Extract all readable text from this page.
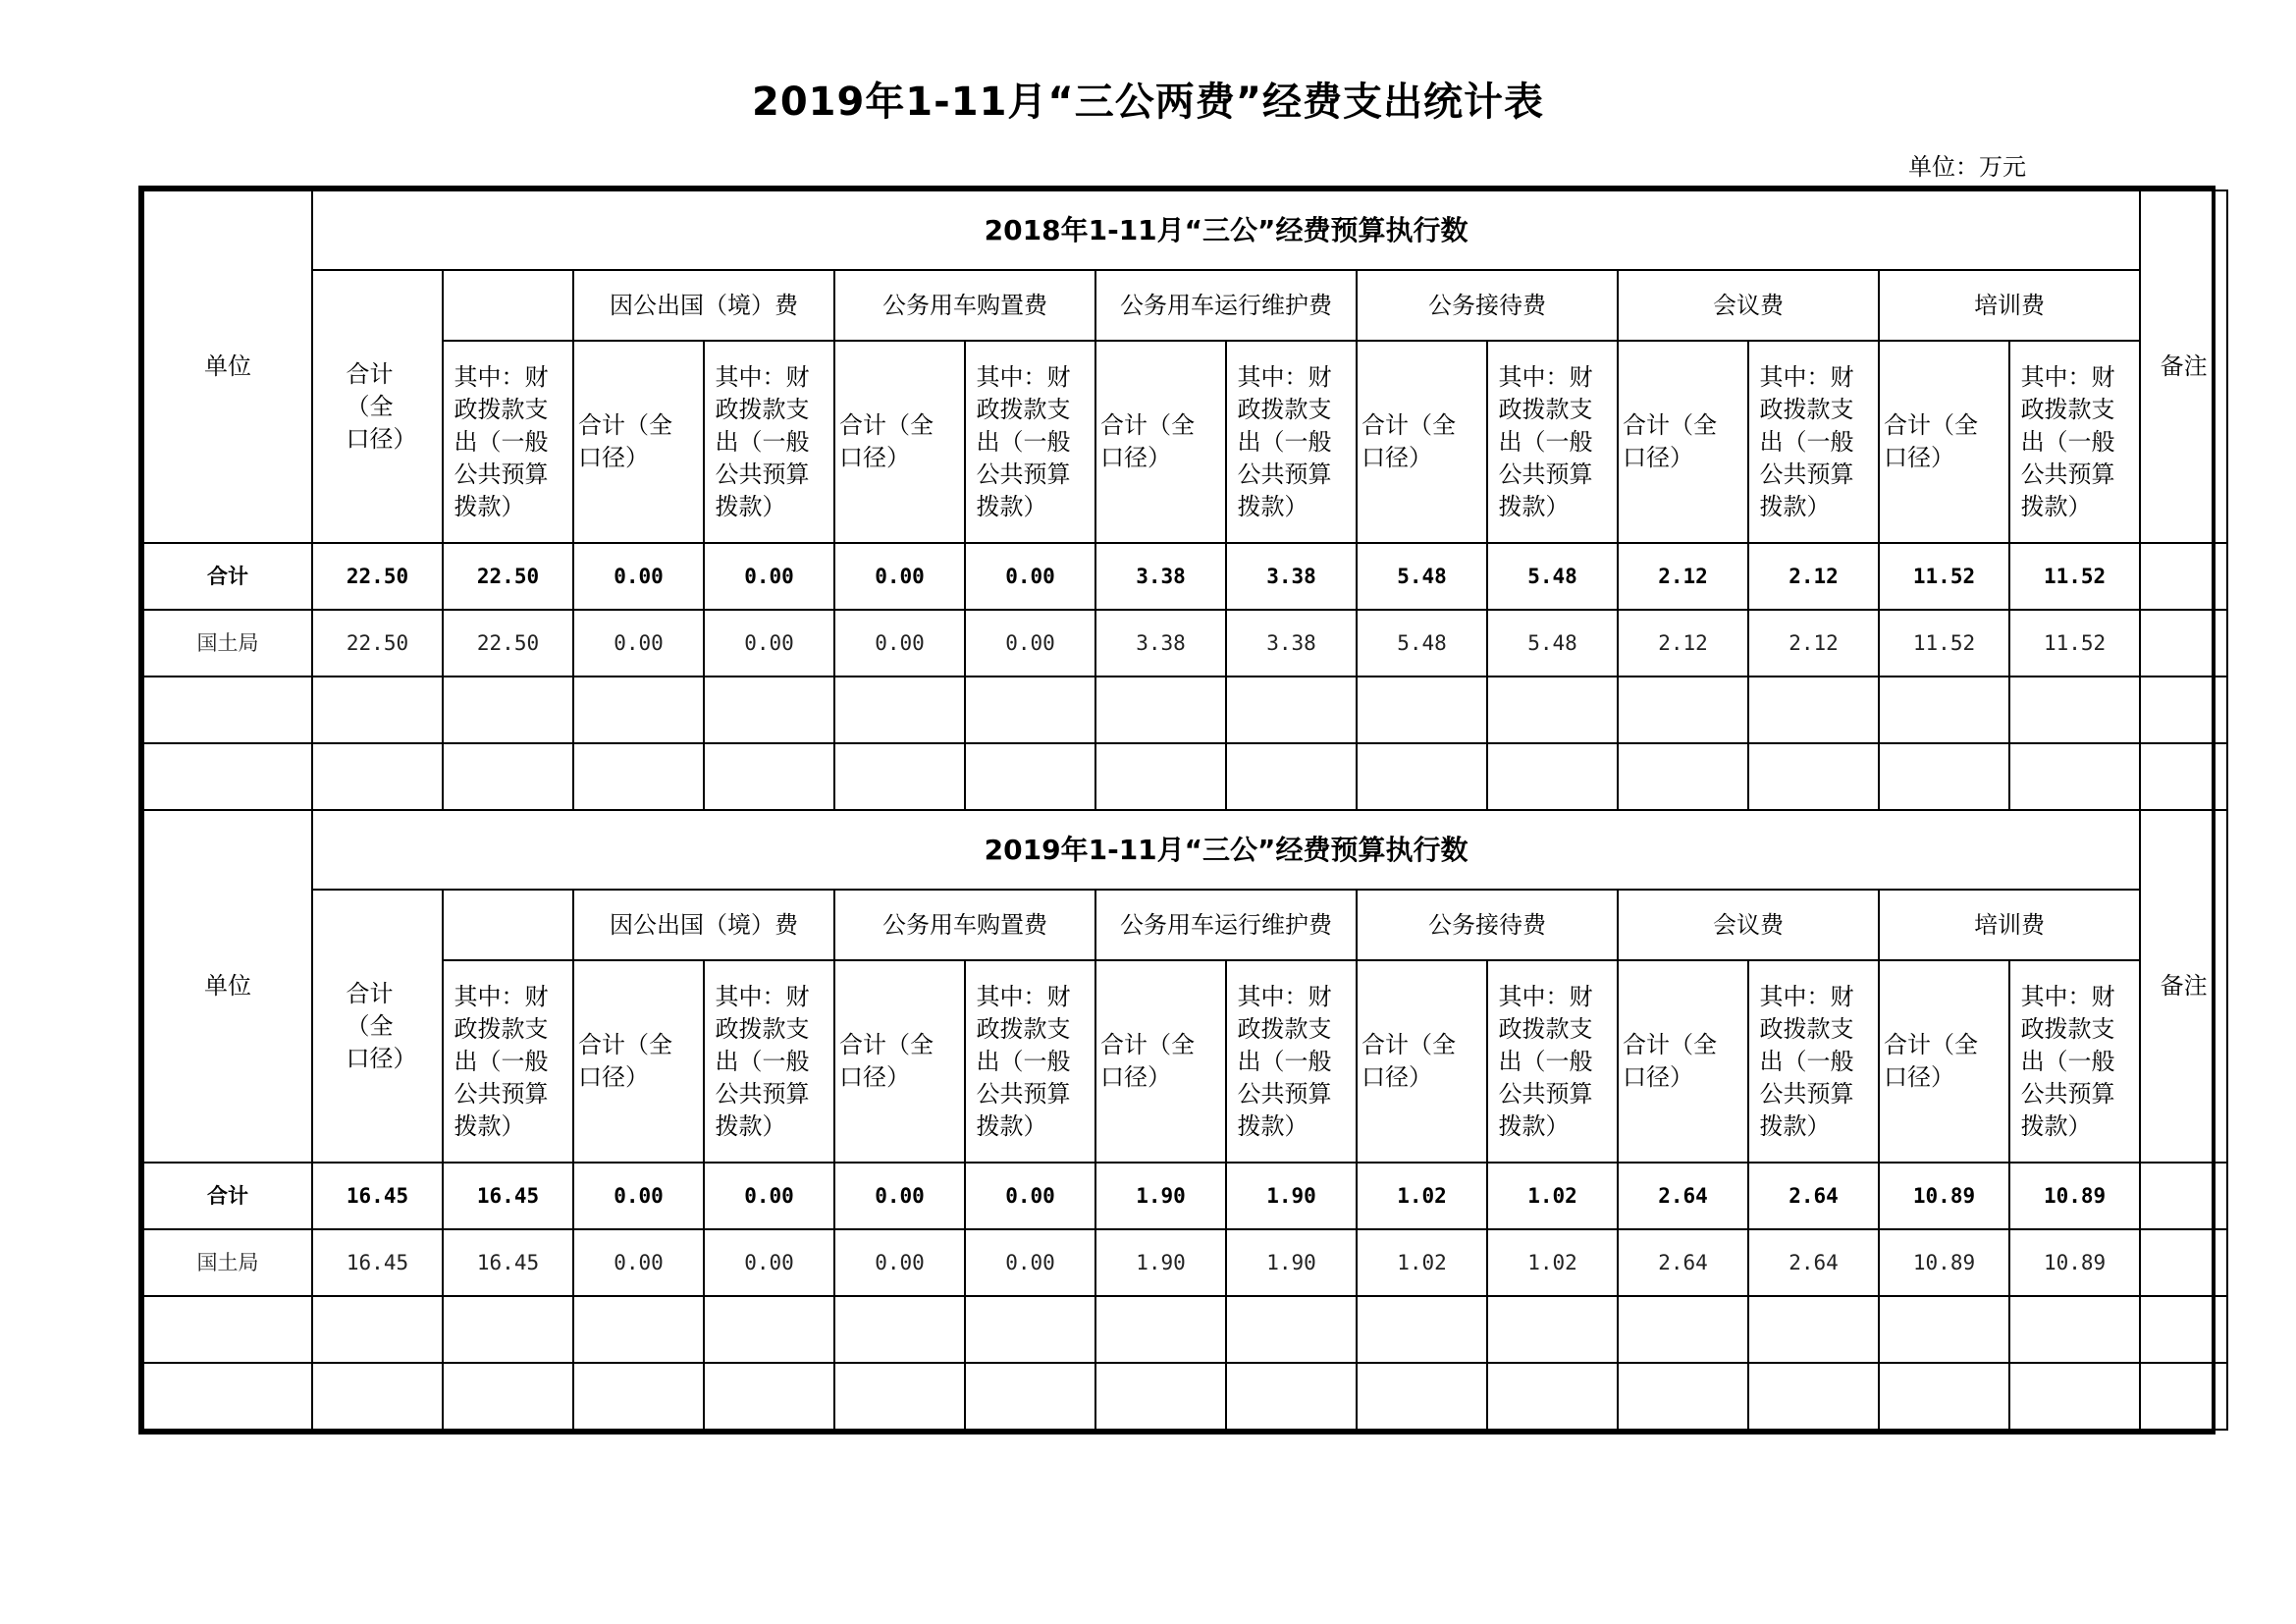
2019年1-11月“三公两费”经费支出统计表
单位：万元
单位	2018年1-11月“三公”经费预算执行数														备注
	合计（全口径）		因公出国（境）费		公务用车购置费		公务用车运行维护费		公务接待费		会议费		培训费		
		其中：财政拨款支出（一般公共预算拨款）	合计（全口径）	其中：财政拨款支出（一般公共预算拨款）	合计（全口径）	其中：财政拨款支出（一般公共预算拨款）	合计（全口径）	其中：财政拨款支出（一般公共预算拨款）	合计（全口径）	其中：财政拨款支出（一般公共预算拨款）	合计（全口径）	其中：财政拨款支出（一般公共预算拨款）	合计（全口径）	其中：财政拨款支出（一般公共预算拨款）	
合计	22.50	22.50	0.00	0.00	0.00	0.00	3.38	3.38	5.48	5.48	2.12	2.12	11.52	11.52	
国土局	22.50	22.50	0.00	0.00	0.00	0.00	3.38	3.38	5.48	5.48	2.12	2.12	11.52	11.52	

单位	2019年1-11月“三公”经费预算执行数														备注
	合计（全口径）		因公出国（境）费		公务用车购置费		公务用车运行维护费		公务接待费		会议费		培训费		
		其中：财政拨款支出（一般公共预算拨款）	合计（全口径）	其中：财政拨款支出（一般公共预算拨款）	合计（全口径）	其中：财政拨款支出（一般公共预算拨款）	合计（全口径）	其中：财政拨款支出（一般公共预算拨款）	合计（全口径）	其中：财政拨款支出（一般公共预算拨款）	合计（全口径）	其中：财政拨款支出（一般公共预算拨款）	合计（全口径）	其中：财政拨款支出（一般公共预算拨款）	
合计	16.45	16.45	0.00	0.00	0.00	0.00	1.90	1.90	1.02	1.02	2.64	2.64	10.89	10.89	
国土局	16.45	16.45	0.00	0.00	0.00	0.00	1.90	1.90	1.02	1.02	2.64	2.64	10.89	10.89	
